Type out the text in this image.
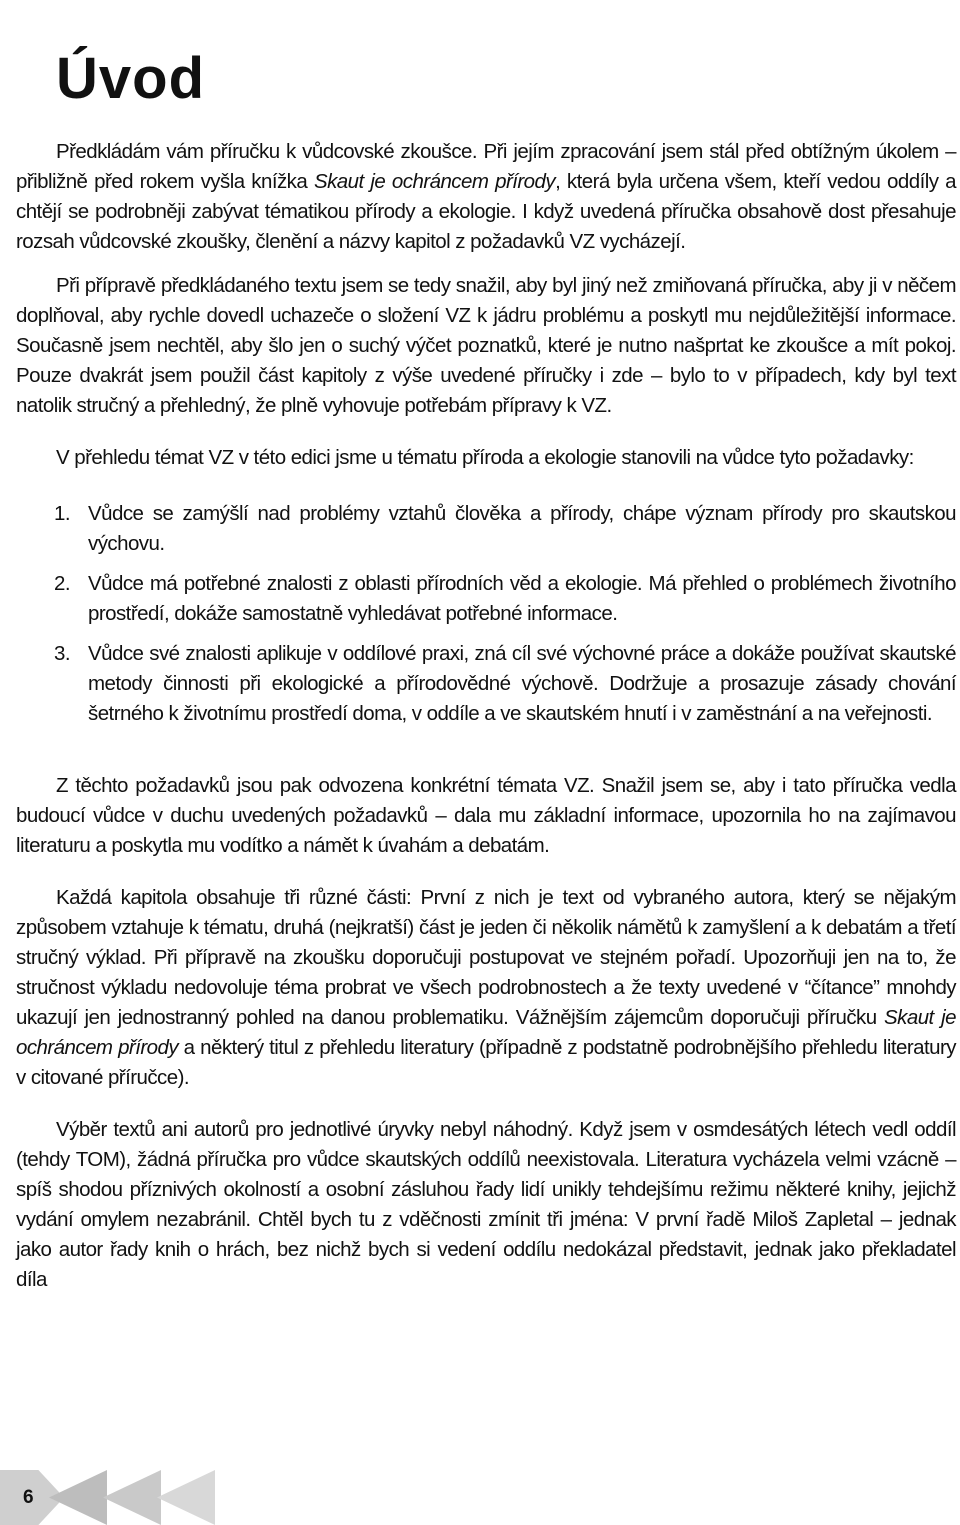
Úvod

Předkládám vám příručku k vůdcovské zkoušce. Při jejím zpracování jsem stál před obtížným úkolem – přibližně před rokem vyšla knížka Skaut je ochráncem přírody, která byla určena všem, kteří vedou oddíly a chtějí se podrobněji zabývat tématikou přírody a ekologie. I když uvedená příručka obsahově dost přesahuje rozsah vůdcovské zkoušky, členění a názvy kapitol z požadavků VZ vycházejí.

Při přípravě předkládaného textu jsem se tedy snažil, aby byl jiný než zmiňovaná příručka, aby ji v něčem doplňoval, aby rychle dovedl uchazeče o složení VZ k jádru problému a poskytl mu nejdůležitější informace. Současně jsem nechtěl, aby šlo jen o suchý výčet poznatků, které je nutno našprtat ke zkoušce a mít pokoj. Pouze dvakrát jsem použil část kapitoly z výše uvedené příručky i zde – bylo to v případech, kdy byl text natolik stručný a přehledný, že plně vyhovuje potřebám přípravy k VZ.

V přehledu témat VZ v této edici jsme u tématu příroda a ekologie stanovili na vůdce tyto požadavky:

1. Vůdce se zamýšlí nad problémy vztahů člověka a přírody, chápe význam přírody pro skautskou výchovu.
2. Vůdce má potřebné znalosti z oblasti přírodních věd a ekologie. Má přehled o problémech životního prostředí, dokáže samostatně vyhledávat potřebné informace.
3. Vůdce své znalosti aplikuje v oddílové praxi, zná cíl své výchovné práce a dokáže používat skautské metody činnosti při ekologické a přírodovědné výchově. Dodržuje a prosazuje zásady chování šetrného k životnímu prostředí doma, v oddíle a ve skautském hnutí i v zaměstnání a na veřejnosti.

Z těchto požadavků jsou pak odvozena konkrétní témata VZ. Snažil jsem se, aby i tato příručka vedla budoucí vůdce v duchu uvedených požadavků – dala mu základní informace, upozornila ho na zajímavou literaturu a poskytla mu vodítko a námět k úvahám a debatám.

Každá kapitola obsahuje tři různé části: První z nich je text od vybraného autora, který se nějakým způsobem vztahuje k tématu, druhá (nejkratší) část je jeden či několik námětů k zamyšlení a k debatám a třetí stručný výklad. Při přípravě na zkoušku doporučuji postupovat ve stejném pořadí. Upozorňuji jen na to, že stručnost výkladu nedovoluje téma probrat ve všech podrobnostech a že texty uvedené v “čítance” mnohdy ukazují jen jednostranný pohled na danou problematiku. Vážnějším zájemcům doporučuji příručku Skaut je ochráncem přírody a některý titul z přehledu literatury (případně z podstatně podrobnějšího přehledu literatury v citované příručce).

Výběr textů ani autorů pro jednotlivé úryvky nebyl náhodný. Když jsem v osmdesátých létech vedl oddíl (tehdy TOM), žádná příručka pro vůdce skautských oddílů neexistovala. Literatura vycházela velmi vzácně – spíš shodou příznivých okolností a osobní zásluhou řady lidí unikly tehdejšímu režimu některé knihy, jejichž vydání omylem nezabránil. Chtěl bych tu z vděčnosti zmínit tři jména: V první řadě Miloš Zapletal – jednak jako autor řady knih o hrách, bez nichž bych si vedení oddílu nedokázal představit, jednak jako překladatel díla

6
